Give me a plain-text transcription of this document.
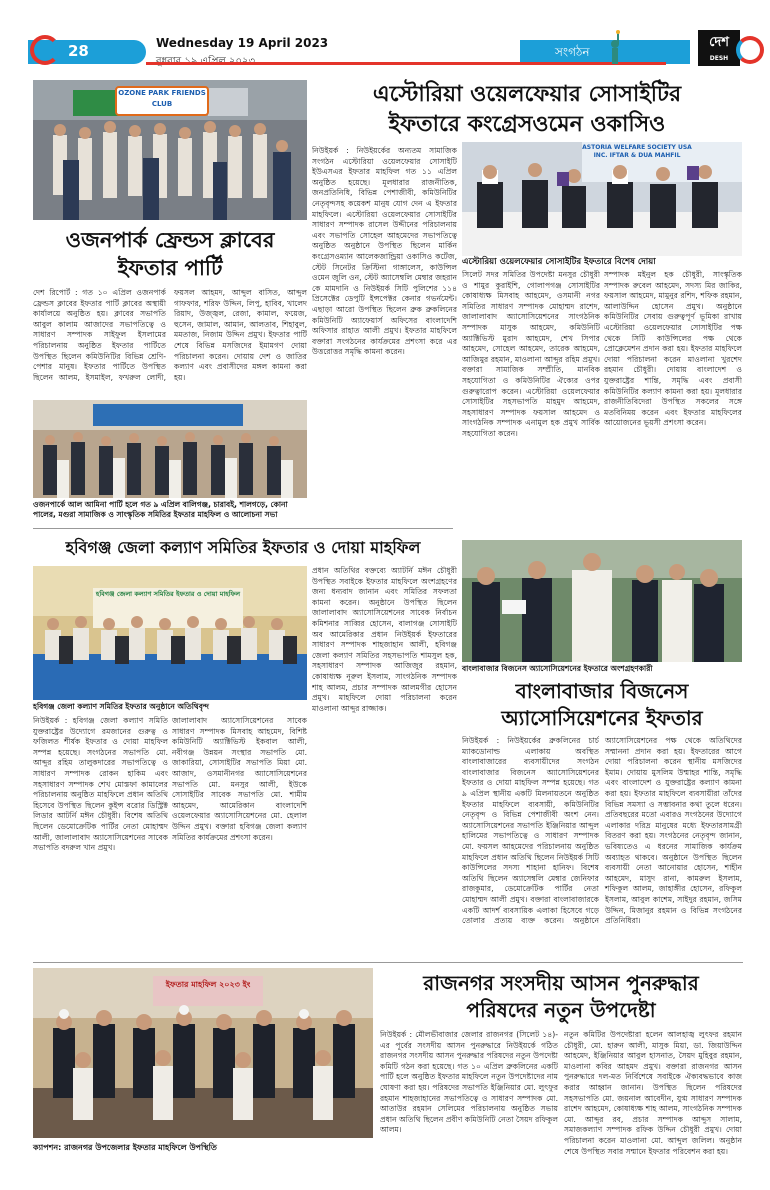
28	Wednesday 19 April 2023
সংগঠন
দেশ
DESH
OZONE PARK FRIENDS CLUB
ওজনপার্ক ফ্রেন্ডস ক্লাবের
ইফতার পার্টি
দেশ রিপোর্ট : গত ১০ এপ্রিল ওজনপার্ক ফ্রেন্ডস ক্লাবের ইফতার পার্টি ক্লাবের অস্থায়ী কার্যালয়ে অনুষ্ঠিত হয়। ক্লাবের সভাপতি আবুল কালাম আজাদের সভাপতিত্বে ও সাধারণ সম্পাদক সাইফুল ইসলামের পরিচালনায় অনুষ্ঠিত ইফতার পার্টিতে উপস্থিত ছিলেন কমিউনিটির বিভিন্ন শ্রেণি-পেশার মানুষ। ইফতার পার্টিতে উপস্থিত ছিলেন আলম, ইসমাইল, ফখরুল লোদী, ফয়সল আহমদ, আব্দুল বাসিত, আব্দুল গাফফার, শরিফ উদ্দিন, লিপু, হাবিব, খালেদ রিয়াদ, উজ্জ্বল, রেজা, কামাল, ফয়েজ, হুসেন, জামাল, আমান, আলতাব, শিহাবুল, মমতাজ, নিজাম উদ্দিন প্রমুখ। ইফতার পার্টি শেষে বিভিন্ন মসজিদের ইমামগণ দোয়া পরিচালনা করেন। দোয়ায় দেশ ও জাতির কল্যাণ এবং প্রবাসীদের মঙ্গল কামনা করা হয়।
ওজনপার্কে আল আমিনা পার্টি হলে গত ৯ এপ্রিল বালিগঞ্জ, চারাবই, শালগড়ে, কোনা পালের, মগুরা সামাজিক ও সাংস্কৃতিক সমিতির ইফতার মাহফিল ও আলোচনা সভা
এস্টোরিয়া ওয়েলফেয়ার সোসাইটির
ইফতারে কংগ্রেসওমেন ওকাসিও
নিউইয়র্ক : নিউইয়র্কের অন্যতম সামাজিক সংগঠন এস্টোরিয়া ওয়েলফেয়ার সোসাইটি ইউএসএর ইফতার মাহফিল গত ১১ এপ্রিল অনুষ্ঠিত হয়েছে। মূলধারার রাজনীতিক, জনপ্রতিনিধি, বিভিন্ন পেশাজীবী, কমিউনিটির নেতৃবৃন্দসহ কয়েকশ মানুষ যোগ দেন এ ইফতার মাহফিলে। এস্টোরিয়া ওয়েলফেয়ার সোসাইটির সাধারণ সম্পাদক রাসেল উদ্দীনের পরিচালনায় এবং সভাপতি সোহেল আহমেদের সভাপতিত্বে অনুষ্ঠিত অনুষ্ঠানে উপস্থিত ছিলেন মার্কিন কংগ্রেসওম্যান আলেকজান্ড্রিয়া ওকাসিও কর্টেজ, স্টেট সিনেটর ক্রিস্টিনা গাঙ্গালেস, কাউন্সিল ওমেন জুলি ওন, স্টেট অ্যাসেম্বলি মেম্বার জহরান কে মামদানি ও নিউইয়র্ক সিটি পুলিশের ১১৪ প্রিসেক্টের ডেপুটি ইন্সপেক্টর কেনার গভর্নমেন্ট। এছাড়া আরো উপস্থিত ছিলেন ব্রুক ব্রুকলিনের কমিউনিটি অ্যাফেয়ার্স অফিসের বাংলাদেশি অফিসার রাহাত আলী প্রমুখ। ইফতার মাহফিলে বক্তারা সংগঠনের কার্যক্রমের প্রশংসা করে এর উত্তরোত্তর সমৃদ্ধি কামনা করেন।
ASTORIA WELFARE SOCIETY USA INC. IFTAR & DUA MAHFIL
এস্টোরিয়া ওয়েলফেয়ার সোসাইটির ইফতারে বিশেষ দোয়া
সিলেট সদর সমিতির উপদেষ্টা মনসুর চৌধুরী ও শামুর কুরাইশি, গোলাপগঞ্জ সোসাইটির কোষাধ্যক্ষ মিসবাহ আহমেদ, ওসমানী নগর সমিতির সাধারণ সম্পাদক মোহাম্মদ রাশেদ, জালালাবাদ অ্যাসোসিয়েশনের সাংগঠনিক সম্পাদক মাসুক আহমেদ, কমিউনিটি অ্যাক্টিভিস্ট মুরাদ আহমেদ, শেখ সিপার আহমেদ, সোহেল আহমেদ, তারেক আহমেদ, আজিমুর রহমান, মাওলানা আব্দুর রহিম প্রমুখ। বক্তারা সামাজিক সম্প্রীতি, মানবিক সহযোগিতা ও কমিউনিটির ঐক্যের ওপর গুরুত্বারোপ করেন। এস্টোরিয়া ওয়েলফেয়ার সোসাইটির সহসভাপতি মাহমুদ আহমেদ, সহসাধারণ সম্পাদক ফয়সাল আহমেদ ও সাংগঠনিক সম্পাদক এনামুল হক প্রমুখ সার্বিক সহযোগিতা করেন।
সম্পাদক মইনুল হক চৌধুরী, সাংস্কৃতিক সম্পাদক রুবেল আহমেদ, সদস্য মির জাকির, ফয়সাল আহমেদ, মামুনুর রশিদ, শফিক রহমান, আলাউদ্দিন হোসেন প্রমুখ। অনুষ্ঠানে কমিউনিটির সেবায় গুরুত্বপূর্ণ ভূমিকা রাখায় এস্টোরিয়া ওয়েলফেয়ার সোসাইটির পক্ষ থেকে সিটি কাউন্সিলের পক্ষ থেকে প্রোক্লেমেশন প্রদান করা হয়। ইফতার মাহফিলে দোয়া পরিচালনা করেন মাওলানা খুরশেদ রহমান চৌধুরী। দোয়ায় বাংলাদেশ ও যুক্তরাষ্ট্রের শান্তি, সমৃদ্ধি এবং প্রবাসী কমিউনিটির কল্যাণ কামনা করা হয়। মূলধারার রাজনীতিবিদেরা উপস্থিত সকলের সঙ্গে মতবিনিময় করেন এবং ইফতার মাহফিলের আয়োজনের ভূয়সী প্রশংসা করেন।
হবিগঞ্জ জেলা কল্যাণ সমিতির ইফতার ও দোয়া মাহফিল
হবিগঞ্জ জেলা কল্যাণ সমিতির ইফতার ও দোয়া মাহফিল
হবিগঞ্জ জেলা কল্যাণ সমিতির ইফতার অনুষ্ঠানে অতিথিবৃন্দ
প্রধান অতিথির বক্তব্যে অ্যাটর্নি মঈন চৌধুরী উপস্থিত সবাইকে ইফতার মাহফিলে অংশগ্রহণের জন্য ধন্যবাদ জানান এবং সমিতির সফলতা কামনা করেন। অনুষ্ঠানে উপস্থিত ছিলেন জালালাবাদ অ্যাসোসিয়েশনের সাবেক নির্বাচন কমিশনার সাব্বির হোসেন, বালাগঞ্জ সোসাইটি অব আমেরিকার প্রধান নিউইয়র্ক ইফতারের সাধারণ সম্পাদক শাহজাহান আলী, হবিগঞ্জ জেলা কল্যাণ সমিতির সহসভাপতি শামসুল হক, সহসাধারণ সম্পাদক আজিজুর রহমান, কোষাধ্যক্ষ নূরুল ইসলাম, সাংগঠনিক সম্পাদক শাহ আলম, প্রচার সম্পাদক আলমগীর হোসেন প্রমুখ। মাহফিলে দোয়া পরিচালনা করেন মাওলানা আব্দুর রাজ্জাক।
নিউইয়র্ক : হবিগঞ্জ জেলা কল্যাণ সমিতি যুক্তরাষ্ট্রের উদ্যোগে রমজানের গুরুত্ব ও ফজিলত শীর্ষক ইফতার ও দোয়া মাহফিল সম্পন্ন হয়েছে। সংগঠনের সভাপতি মো. আব্দুর রহিম তালুকদারের সভাপতিত্বে ও সাধারণ সম্পাদক রোকন হাকিম এবং সহসাধারণ সম্পাদক শেখ মোস্তফা কামালের পরিচালনায় অনুষ্ঠিত মাহফিলে প্রধান অতিথি হিসেবে উপস্থিত ছিলেন কুইন্স বরোর ডিস্ট্রিক্ট লিডার আটর্নি মঈন চৌধুরী। বিশেষ অতিথি ছিলেন ডেমোক্রেটিক পার্টির নেতা মোহাম্মদ আলী, জালালাবাদ অ্যাসোসিয়েশনের সাবেক সভাপতি বদরুল খান প্রমুখ।
জালালাবাদ অ্যাসোসিয়েশনের সাবেক সাধারণ সম্পাদক মিসবাহ আহমেদ, বিশিষ্ট কমিউনিটি অ্যাক্টিভিস্ট ইকবাল আলী, নবীগঞ্জ উন্নয়ন সংস্থার সভাপতি মো. জাকারিয়া, সোসাইটির সভাপতি মিয়া মো. আজাদ, ওসমানীনগর অ্যাসোসিয়েশনের সভাপতি মো. মনসুর আলী, ইউকে সোসাইটির সাবেক সভাপতি মো. শামীম আহমেদ, আমেরিকান বাংলাদেশি ওয়েলফেয়ার অ্যাসোসিয়েশনের মো. হেলাল উদ্দিন প্রমুখ। বক্তারা হবিগঞ্জ জেলা কল্যাণ সমিতির কার্যক্রমের প্রশংসা করেন।
বাংলাবাজার বিজনেস অ্যাসোসিয়েশনের ইফতারে অংশগ্রহণকারী
বাংলাবাজার বিজনেস
অ্যাসোসিয়েশনের ইফতার
নিউইয়র্ক : নিউইয়র্কের ব্রুকলিনের চার্চ ম্যাকডোনাল্ড এলাকায় অবস্থিত বাংলাবাজারের ব্যবসায়ীদের সংগঠন বাংলাবাজার বিজনেস অ্যাসোসিয়েশনের ইফতার ও দোয়া মাহফিল সম্পন্ন হয়েছে। গত ৯ এপ্রিল স্থানীয় একটি মিলনায়তনে অনুষ্ঠিত ইফতার মাহফিলে ব্যবসায়ী, কমিউনিটির নেতৃবৃন্দ ও বিভিন্ন পেশাজীবী অংশ নেন। অ্যাসোসিয়েশনের সভাপতি ইঞ্জিনিয়ার আব্দুল হালিমের সভাপতিত্বে ও সাধারণ সম্পাদক মো. ফয়সল আহমেদের পরিচালনায় অনুষ্ঠিত মাহফিলে প্রধান অতিথি ছিলেন নিউইয়র্ক সিটি কাউন্সিলের সদস্য শাহানা হানিফ। বিশেষ অতিথি ছিলেন অ্যাসেম্বলি মেম্বার জেনিফার রাজকুমার, ডেমোক্রেটিক পার্টির নেতা মোহাম্মদ আলী প্রমুখ। বক্তারা বাংলাবাজারকে একটি আদর্শ ব্যবসায়িক এলাকা হিসেবে গড়ে তোলার প্রত্যয় ব্যক্ত করেন। অনুষ্ঠানে অ্যাসোসিয়েশনের পক্ষ থেকে অতিথিদের সম্মাননা প্রদান করা হয়। ইফতারের আগে দোয়া পরিচালনা করেন স্থানীয় মসজিদের ইমাম। দোয়ায় মুসলিম উম্মাহর শান্তি, সমৃদ্ধি এবং বাংলাদেশ ও যুক্তরাষ্ট্রের কল্যাণ কামনা করা হয়। ইফতার মাহফিলে ব্যবসায়ীরা তাঁদের বিভিন্ন সমস্যা ও সম্ভাবনার কথা তুলে ধরেন। প্রতিবছরের মতো এবারও সংগঠনের উদ্যোগে এলাকার দরিদ্র মানুষের মধ্যে ইফতারসামগ্রী বিতরণ করা হয়। সংগঠনের নেতৃবৃন্দ জানান, ভবিষ্যতেও এ ধরনের সামাজিক কার্যক্রম অব্যাহত থাকবে। অনুষ্ঠানে উপস্থিত ছিলেন ব্যবসায়ী নেতা আনোয়ার হোসেন, শাহীন আহমেদ, মাসুদ রানা, কামরুল ইসলাম, শফিকুল আলম, জাহাঙ্গীর হোসেন, রফিকুল ইসলাম, আবুল কাশেম, সাইদুর রহমান, জসিম উদ্দিন, মিজানুর রহমান ও বিভিন্ন সংগঠনের প্রতিনিধিরা।
ইফতার মাহফিল ২০২৩ ইং
ক্যাপশন: রাজনগর উপজেলার ইফতার মাহফিলে উপস্থিতি
রাজনগর সংসদীয় আসন পুনরুদ্ধার
পরিষদের নতুন উপদেষ্টা
নিউইয়র্ক : মৌলভীবাজার জেলার রাজনগর (সিলেট ১৪)-এর পূর্বের সংসদীয় আসন পুনরুদ্ধারে নিউইয়র্কে গঠিত রাজনগর সংসদীয় আসন পুনরুদ্ধার পরিষদের নতুন উপদেষ্টা কমিটি গঠন করা হয়েছে। গত ১০ এপ্রিল ব্রুকলিনের একটি পার্টি হলে অনুষ্ঠিত ইফতার মাহফিলে নতুন উপদেষ্টাদের নাম ঘোষণা করা হয়। পরিষদের সভাপতি ইঞ্জিনিয়ার মো. লুৎফুর রহমান শাহজাহানের সভাপতিত্বে ও সাধারণ সম্পাদক মো. আতাউর রহমান সেলিমের পরিচালনায় অনুষ্ঠিত সভায় প্রধান অতিথি ছিলেন প্রবীণ কমিউনিটি নেতা সৈয়দ রফিকুল আলম।
নতুন কমিটির উপদেষ্টারা হলেন আলহাজ্ব লুৎফর রহমান চৌধুরী, মো. হারুন আলী, মাসুক মিয়া, ডা. জিয়াউদ্দিন আহমেদ, ইঞ্জিনিয়ার আবুল হাসনাত, সৈয়দ মুহিবুর রহমান, মাওলানা কবির আহমদ প্রমুখ। বক্তারা রাজনগর আসন পুনরুদ্ধারে দল-মত নির্বিশেষে সবাইকে ঐক্যবদ্ধভাবে কাজ করার আহ্বান জানান। উপস্থিত ছিলেন পরিষদের সহসভাপতি মো. জয়নাল আবেদীন, যুগ্ম সাধারণ সম্পাদক রাশেদ আহমেদ, কোষাধ্যক্ষ শাহ আলম, সাংগঠনিক সম্পাদক মো. আব্দুর রব, প্রচার সম্পাদক আব্দুস সালাম, সমাজকল্যাণ সম্পাদক রফিক উদ্দিন চৌধুরী প্রমুখ। দোয়া পরিচালনা করেন মাওলানা মো. আব্দুল জলিল। অনুষ্ঠান শেষে উপস্থিত সবার সম্মানে ইফতার পরিবেশন করা হয়।
